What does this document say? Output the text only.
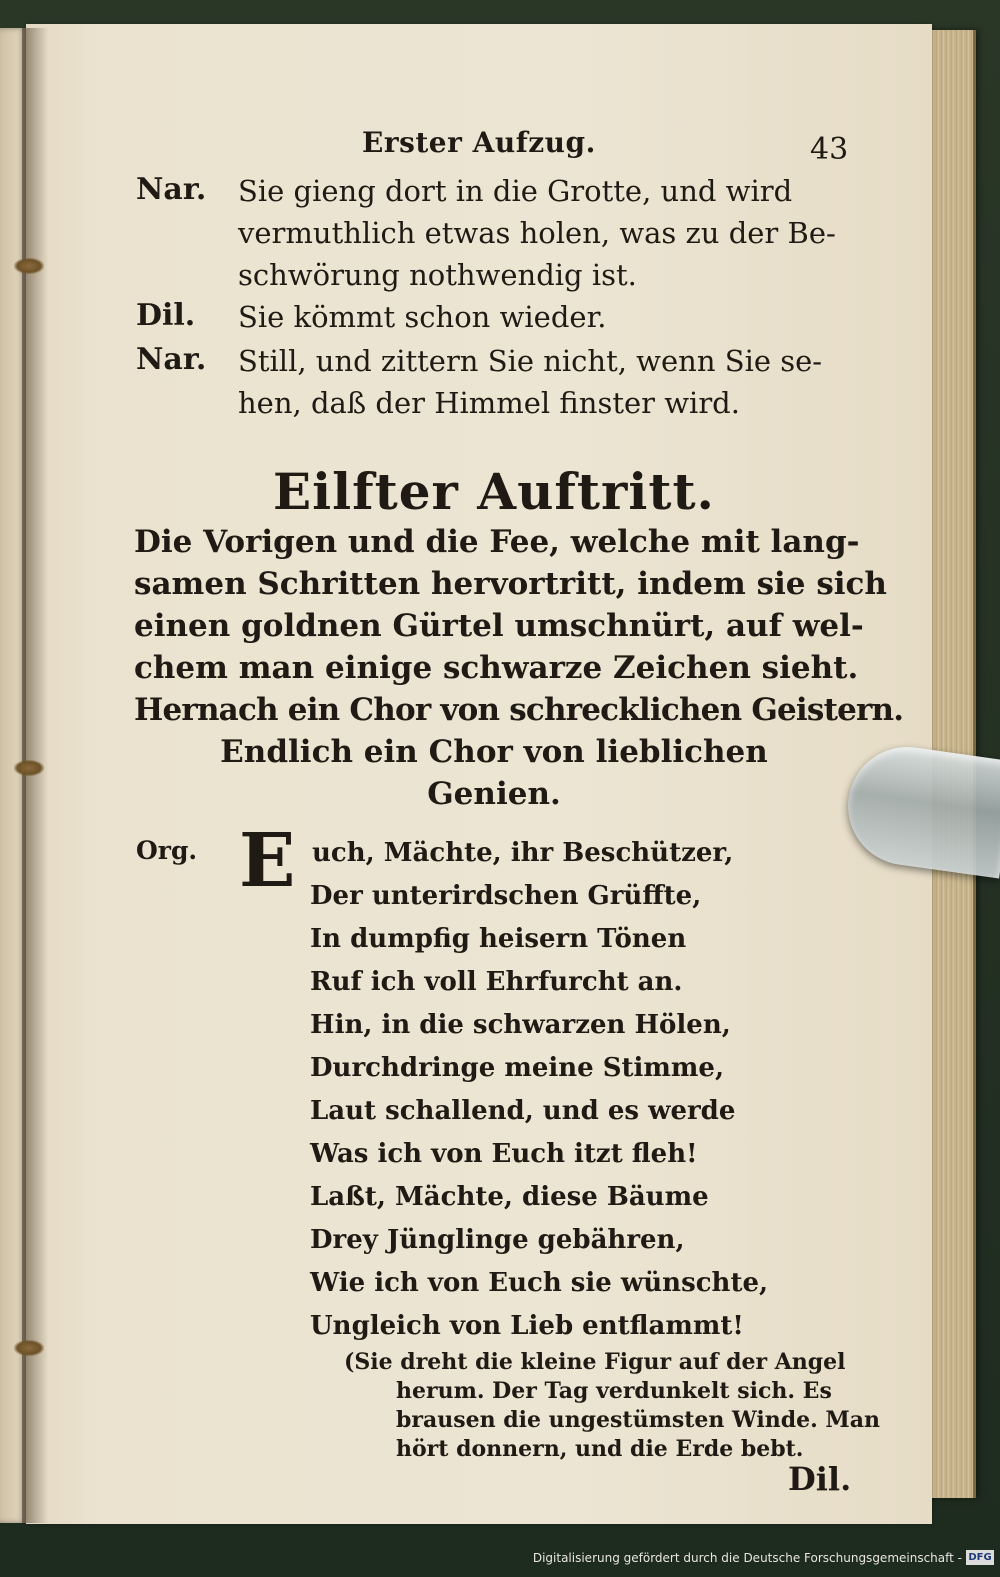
Erster Aufzug.	43
Nar. Sie gieng dort in die Grotte, und wird
vermuthlich etwas holen, was zu der Be-
schwörung nothwendig ist.
Dil. Sie kömmt schon wieder.
Nar. Still, und zittern Sie nicht, wenn Sie se-
hen, daß der Himmel finster wird.
Eilfter Auftritt.
Die Vorigen und die Fee, welche mit lang-
samen Schritten hervortritt, indem sie sich
einen goldnen Gürtel umschnürt, auf wel-
chem man einige schwarze Zeichen sieht.
Hernach ein Chor von schrecklichen Geistern.
Endlich ein Chor von lieblichen
Genien.
Org. E uch, Mächte, ihr Beschützer,
Der unterirdschen Grüffte,
In dumpfig heisern Tönen
Ruf ich voll Ehrfurcht an.
Hin, in die schwarzen Hölen,
Durchdringe meine Stimme,
Laut schallend, und es werde
Was ich von Euch itzt fleh!
Laßt, Mächte, diese Bäume
Drey Jünglinge gebähren,
Wie ich von Euch sie wünschte,
Ungleich von Lieb entflammt!
(Sie dreht die kleine Figur auf der Angel
herum. Der Tag verdunkelt sich. Es
brausen die ungestümsten Winde. Man
hört donnern, und die Erde bebt.
Dil.
Digitalisierung gefördert durch die Deutsche Forschungsgemeinschaft - DFG
